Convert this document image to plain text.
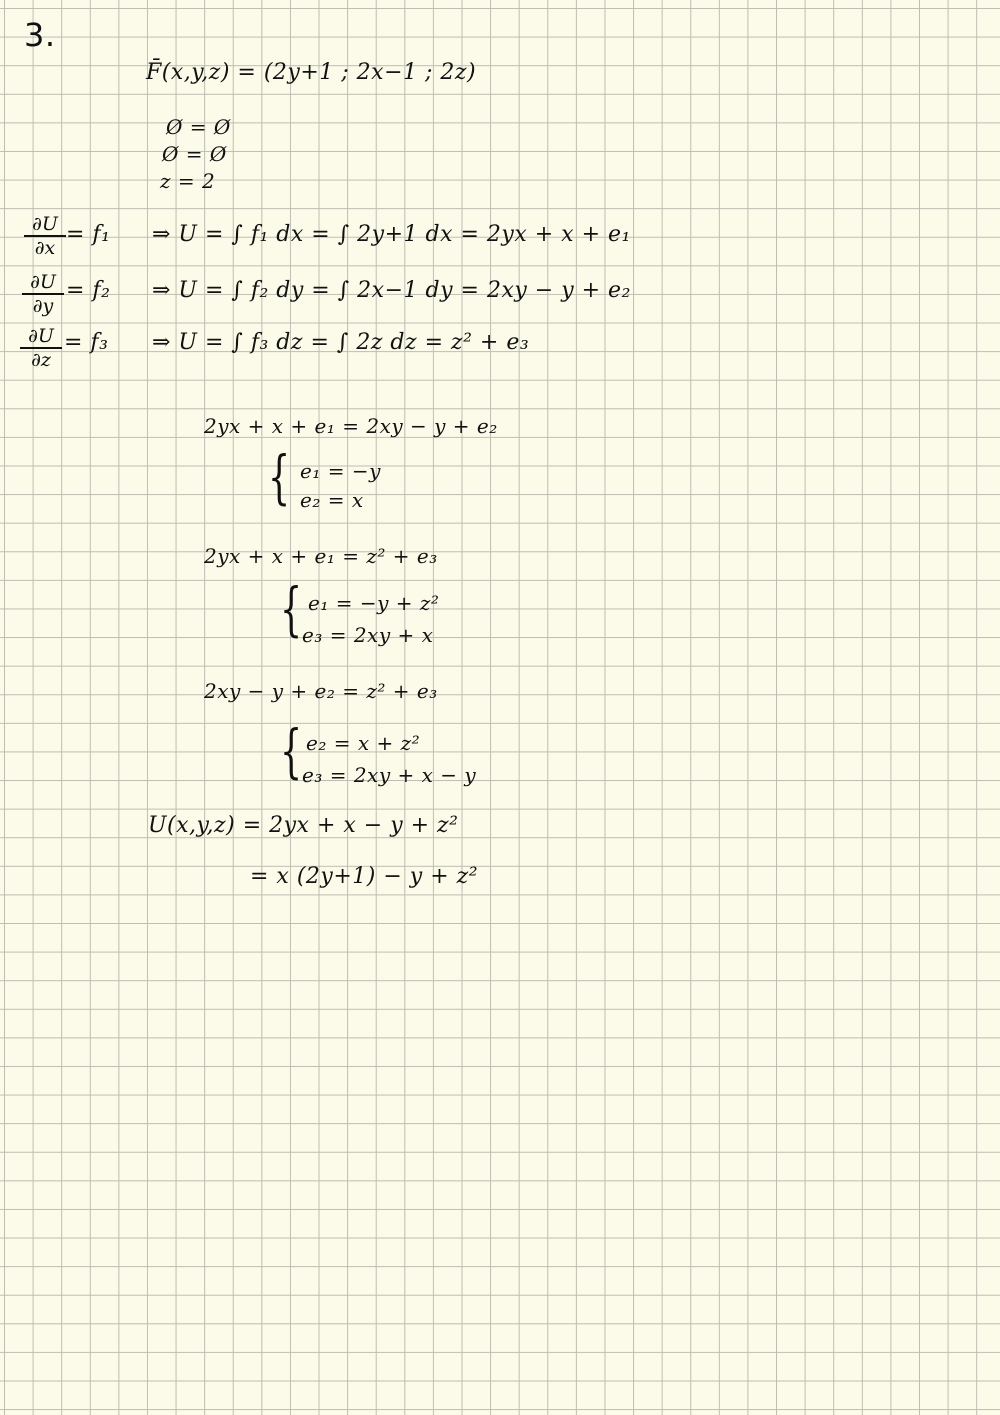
3.
F̄(x,y,z) = (2y+1 ; 2x−1 ; 2z)
Ø = Ø
Ø = Ø
z = 2
∂U
∂x
= f₁ ⇒ U = ∫ f₁ dx = ∫ 2y+1 dx = 2yx + x + e₁
∂U
∂y
= f₂ ⇒ U = ∫ f₂ dy = ∫ 2x−1 dy = 2xy − y + e₂
∂U
∂z
= f₃ ⇒ U = ∫ f₃ dz = ∫ 2z dz = z² + e₃
2yx + x + e₁ = 2xy − y + e₂
{ e₁ = −y
e₂ = x
2yx + x + e₁ = z² + e₃
{ e₁ = −y + z²
e₃ = 2xy + x
2xy − y + e₂ = z² + e₃
{ e₂ = x + z²
e₃ = 2xy + x − y
U(x,y,z) = 2yx + x − y + z²
= x (2y+1) − y + z²
